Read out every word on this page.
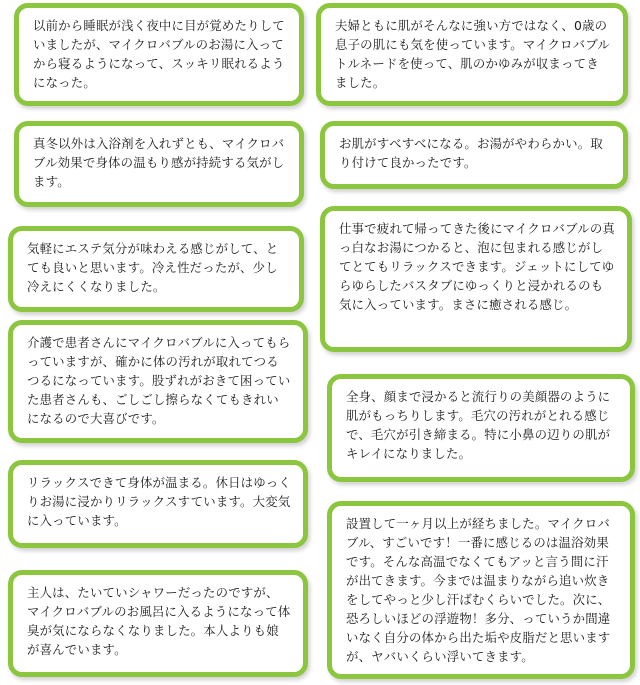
以前から睡眠が浅く夜中に目が覚めたりしていましたが、マイクロバブルのお湯に入ってから寝るようになって、スッキリ眠れるようになった。
夫婦ともに肌がそんなに強い方ではなく、0歳の息子の肌にも気を使っています。マイクロバブルトルネードを使って、肌のかゆみが収まってきました。
真冬以外は入浴剤を入れずとも、マイクロバブル効果で身体の温もり感が持続する気がします。
お肌がすべすべになる。お湯がやわらかい。取り付けて良かったです。
気軽にエステ気分が味わえる感じがして、とても良いと思います。冷え性だったが、少し冷えにくくなりました。
仕事で疲れて帰ってきた後にマイクロバブルの真っ白なお湯につかると、泡に包まれる感じがしてとてもリラックスできます。ジェットにしてゆらゆらしたバスタブにゆっくりと浸かれるのも気に入っています。まさに癒される感じ。
介護で患者さんにマイクロバブルに入ってもらっていますが、確かに体の汚れが取れてつるつるになっています。股ずれがおきて困っていた患者さんも、ごしごし擦らなくてもきれいになるので大喜びです。
全身、顔まで浸かると流行りの美顔器のように肌がもっちりします。毛穴の汚れがとれる感じで、毛穴が引き締まる。特に小鼻の辺りの肌がキレイになりました。
リラックスできて身体が温まる。休日はゆっくりお湯に浸かりリラックスすています。大変気に入っています。	設置して一ヶ月以上が経ちました。マイクロバブル、すごいです！一番に感じるのは温浴効果です。そんな高温でなくてもアッと言う間に汗が出てきます。今までは温まりながら追い炊きをしてやっと少し汗ばむくらいでした。次に、恐ろしいほどの浮遊物！多分、っていうか間違いなく自分の体から出た垢や皮脂だと思いますが、ヤバいくらい浮いてきます。
主人は、たいていシャワーだったのですが、マイクロバブルのお風呂に入るようになって体臭が気にならなくなりました。本人よりも娘が喜んでいます。
